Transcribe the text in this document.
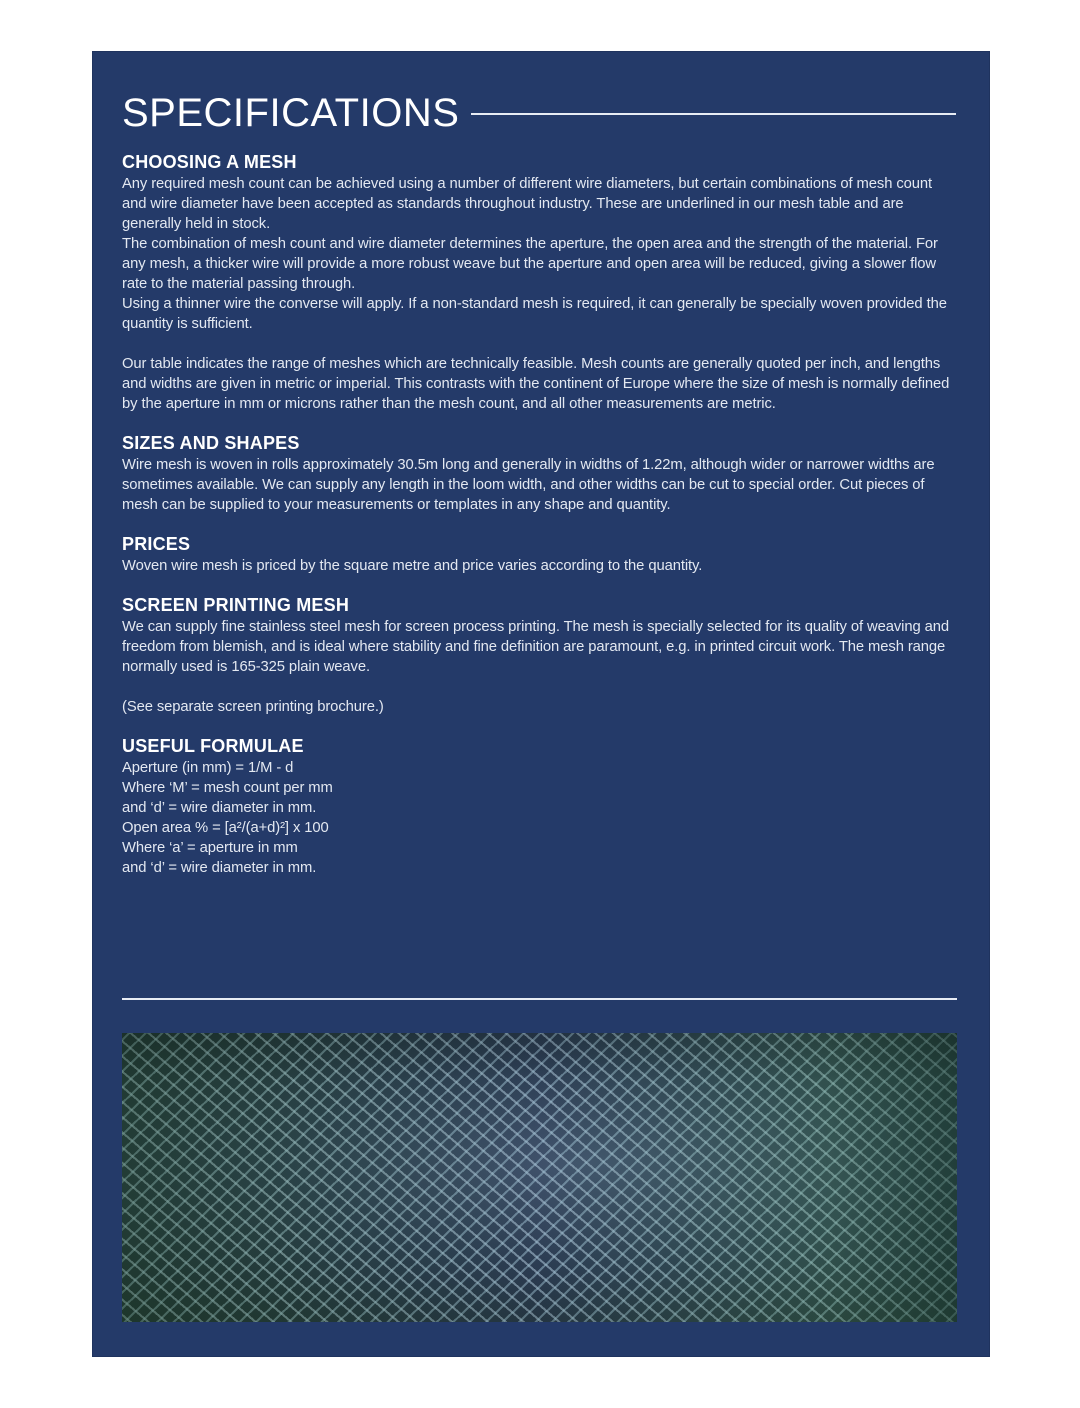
SPECIFICATIONS
CHOOSING A MESH

Any required mesh count can be achieved using a number of different wire diameters, but certain combinations of mesh count and wire diameter have been accepted as standards throughout industry. These are underlined in our mesh table and are generally held in stock.

The combination of mesh count and wire diameter determines the aperture, the open area and the strength of the material. For any mesh, a thicker wire will provide a more robust weave but the aperture and open area will be reduced, giving a slower flow rate to the material passing through.

Using a thinner wire the converse will apply. If a non-standard mesh is required, it can generally be specially woven provided the quantity is sufficient.

Our table indicates the range of meshes which are technically feasible. Mesh counts are generally quoted per inch, and lengths and widths are given in metric or imperial. This contrasts with the continent of Europe where the size of mesh is normally defined by the aperture in mm or microns rather than the mesh count, and all other measurements are metric.

SIZES AND SHAPES

Wire mesh is woven in rolls approximately 30.5m long and generally in widths of 1.22m, although wider or narrower widths are sometimes available. We can supply any length in the loom width, and other widths can be cut to special order. Cut pieces of mesh can be supplied to your measurements or templates in any shape and quantity.

PRICES

Woven wire mesh is priced by the square metre and price varies according to the quantity.

SCREEN PRINTING MESH

We can supply fine stainless steel mesh for screen process printing. The mesh is specially selected for its quality of weaving and freedom from blemish, and is ideal where stability and fine definition are paramount, e.g. in printed circuit work. The mesh range normally used is 165-325 plain weave.

(See separate screen printing brochure.)

USEFUL FORMULAE

Aperture (in mm) = 1/M - d

Where ‘M’ = mesh count per mm

and ‘d’ = wire diameter in mm.

Open area % = [a²/(a+d)²] x 100

Where ‘a’ = aperture in mm

and ‘d’ = wire diameter in mm.
